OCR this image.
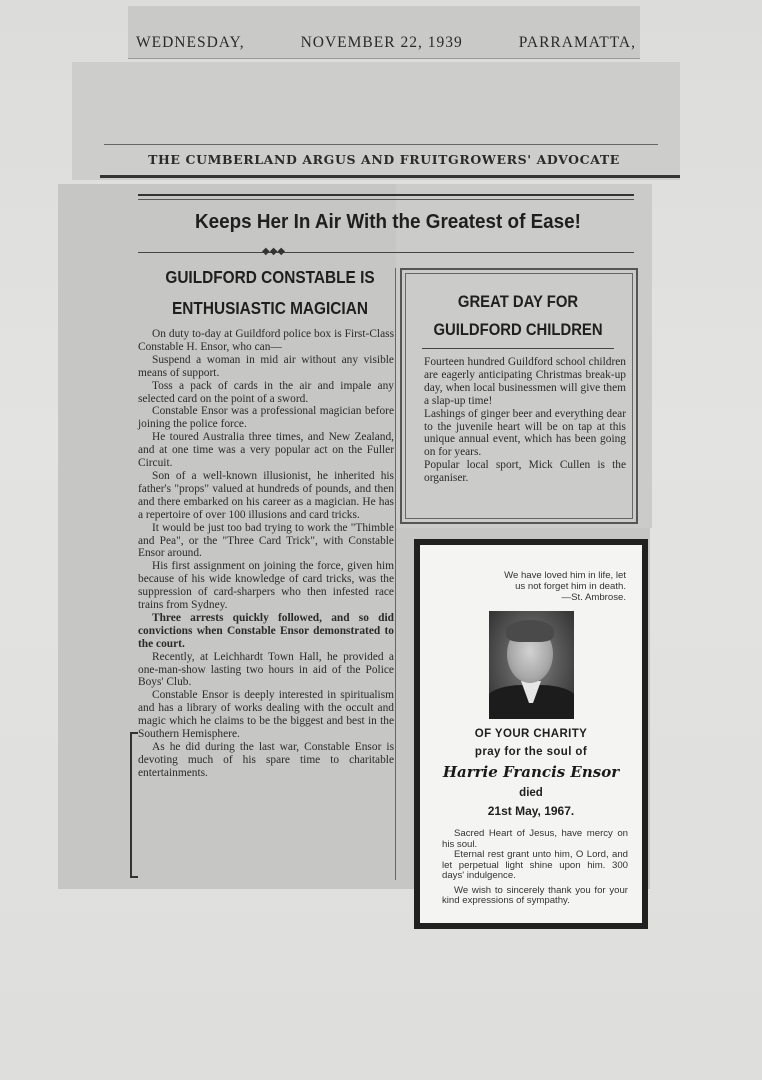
WEDNESDAY,	NOVEMBER 22, 1939	PARRAMATTA,
THE CUMBERLAND ARGUS AND FRUITGROWERS' ADVOCATE
Keeps Her In Air With the Greatest of Ease!
◆◆◆
GUILDFORD CONSTABLE IS
ENTHUSIASTIC MAGICIAN

On duty to-day at Guildford police box is First-Class Constable H. Ensor, who can—

Suspend a woman in mid air without any visible means of support.

Toss a pack of cards in the air and impale any selected card on the point of a sword.

Constable Ensor was a professional magician before joining the police force.

He toured Australia three times, and New Zealand, and at one time was a very popular act on the Fuller Circuit.

Son of a well-known illusionist, he inherited his father's "props" valued at hundreds of pounds, and then and there embarked on his career as a magician. He has a repertoire of over 100 illusions and card tricks.

It would be just too bad trying to work the "Thimble and Pea", or the "Three Card Trick", with Constable Ensor around.

His first assignment on joining the force, given him because of his wide knowledge of card tricks, was the suppression of card-sharpers who then infested race trains from Sydney.

Three arrests quickly followed, and so did convictions when Constable Ensor demonstrated to the court.

Recently, at Leichhardt Town Hall, he provided a one-man-show lasting two hours in aid of the Police Boys' Club.

Constable Ensor is deeply interested in spiritualism and has a library of works dealing with the occult and magic which he claims to be the biggest and best in the Southern Hemisphere.

As he did during the last war, Constable Ensor is devoting much of his spare time to charitable entertainments.

GREAT DAY FOR
GUILDFORD CHILDREN

Fourteen hundred Guildford school children are eagerly anticipating Christmas break-up day, when local businessmen will give them a slap-up time!

Lashings of ginger beer and everything dear to the juvenile heart will be on tap at this unique annual event, which has been going on for years.

Popular local sport, Mick Cullen is the organiser.

We have loved him in life, let
us not forget him in death.
—St. Ambrose.
OF YOUR CHARITY
pray for the soul of
Harrie Francis Ensor
died
21st May, 1967.

Sacred Heart of Jesus, have mercy on his soul.

Eternal rest grant unto him, O Lord, and let perpetual light shine upon him. 300 days' indulgence.

We wish to sincerely thank you for your kind expressions of sympathy.
